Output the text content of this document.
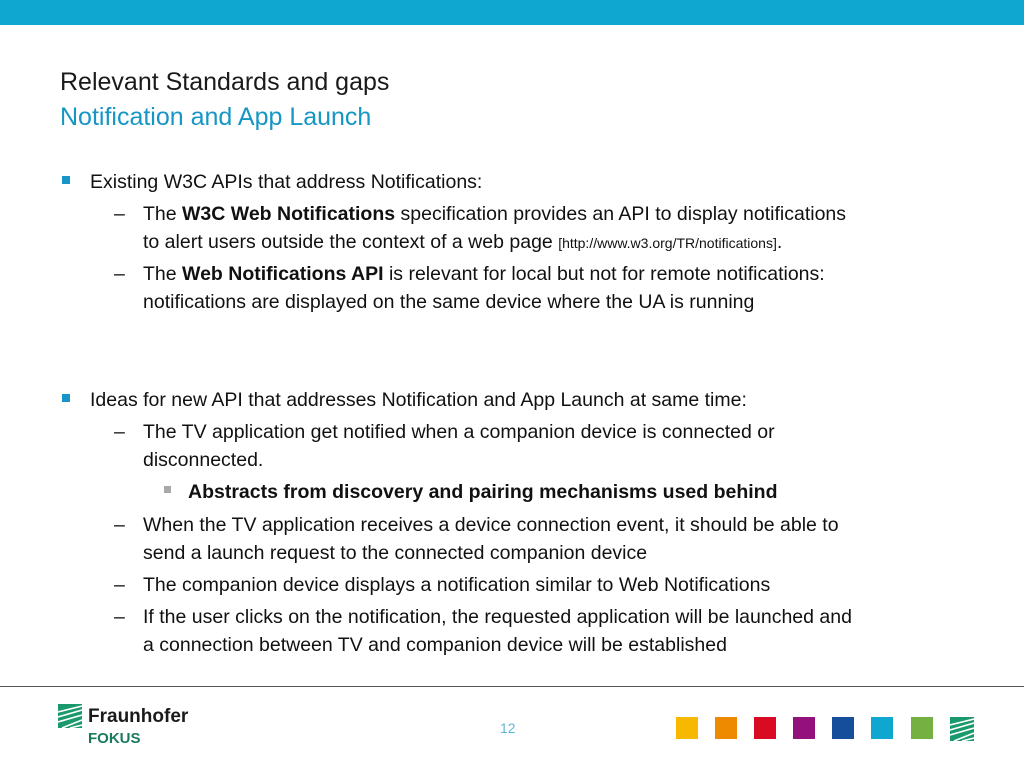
Relevant Standards and gaps
Notification and App Launch
Existing W3C APIs that address Notifications:
– The W3C Web Notifications specification provides an API to display notifications

to alert users outside the context of a web page [http://www.w3.org/TR/notifications].

– The Web Notifications API is relevant for local but not for remote notifications:

notifications are displayed on the same device where the UA is running

Ideas for new API that addresses Notification and App Launch at same time:
– The TV application get notified when a companion device is connected or

disconnected.

Abstracts from discovery and pairing mechanisms used behind
– When the TV application receives a device connection event, it should be able to

send a launch request to the connected companion device

– The companion device displays a notification similar to Web Notifications

– If the user clicks on the notification, the requested application will be launched and

a connection between TV and companion device will be established

Fraunhofer
FOKUS
12
